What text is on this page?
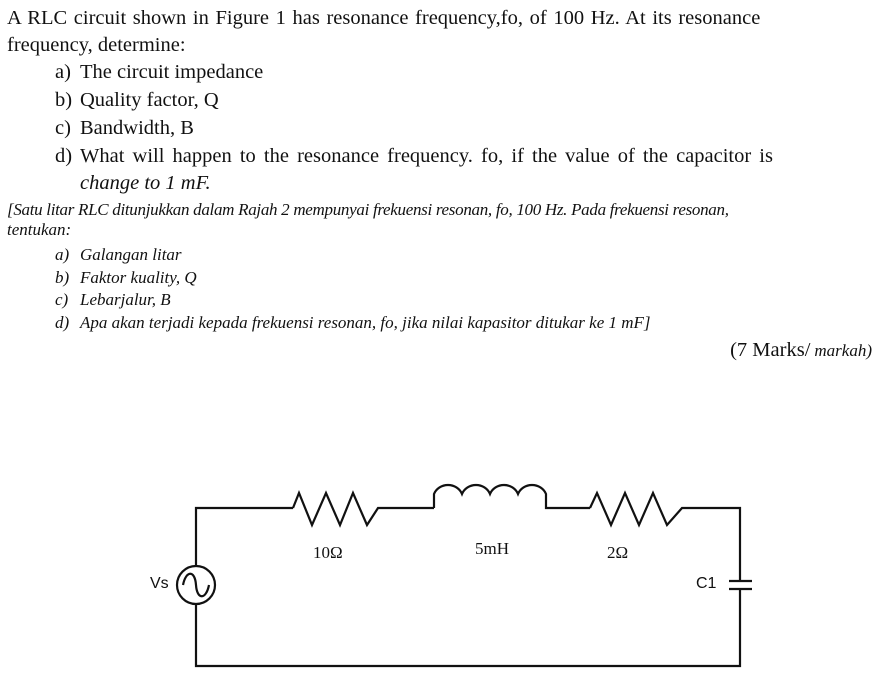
A RLC circuit shown in Figure 1 has resonance frequency,fo, of 100 Hz. At its resonance
frequency, determine:
a) The circuit impedance
b) Quality factor, Q
c) Bandwidth, B
d) What will happen to the resonance frequency. fo, if the value of the capacitor is
change to 1 mF.
[Satu litar RLC ditunjukkan dalam Rajah 2 mempunyai frekuensi resonan, fo, 100 Hz. Pada frekuensi resonan,
tentukan:
a) Galangan litar
b) Faktor kuality, Q
c) Lebarjalur, B
d) Apa akan terjadi kepada frekuensi resonan, fo, jika nilai kapasitor ditukar ke 1 mF]
(7 Marks/ markah)
10Ω	5mH	2Ω
Vs	C1
